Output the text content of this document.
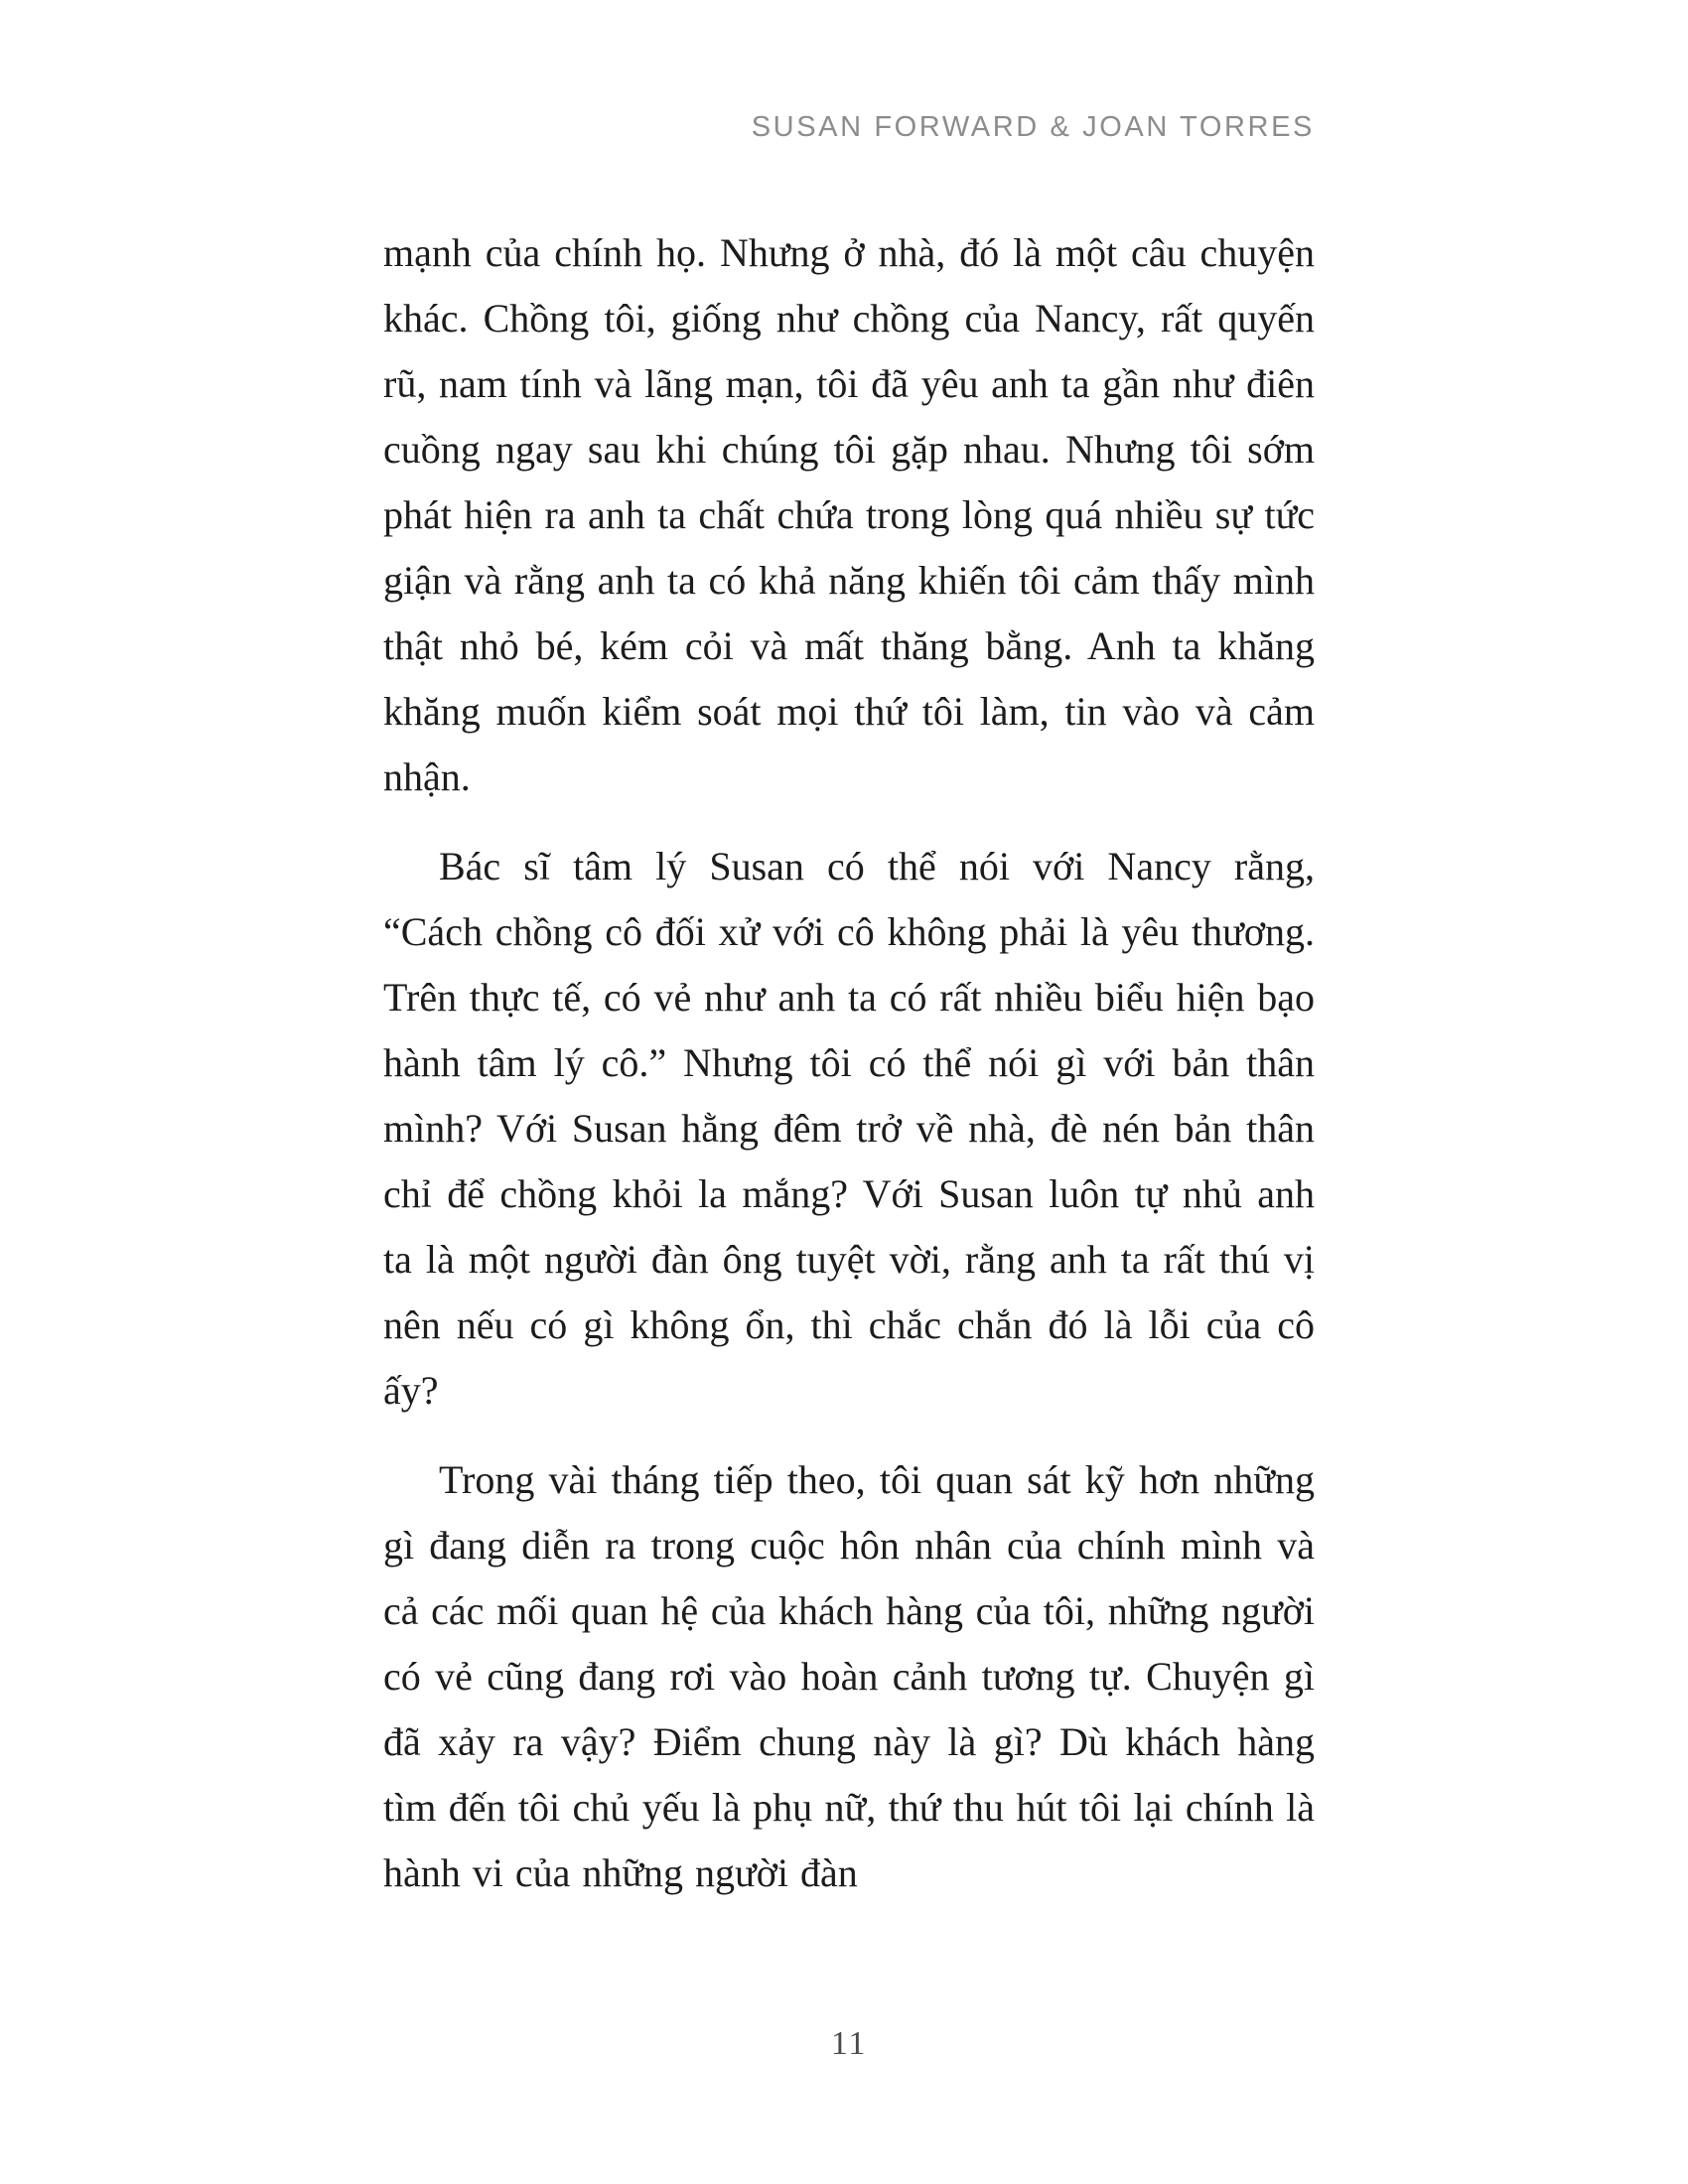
SUSAN FORWARD & JOAN TORRES

mạnh của chính họ. Nhưng ở nhà, đó là một câu chuyện khác. Chồng tôi, giống như chồng của Nancy, rất quyến rũ, nam tính và lãng mạn, tôi đã yêu anh ta gần như điên cuồng ngay sau khi chúng tôi gặp nhau. Nhưng tôi sớm phát hiện ra anh ta chất chứa trong lòng quá nhiều sự tức giận và rằng anh ta có khả năng khiến tôi cảm thấy mình thật nhỏ bé, kém cỏi và mất thăng bằng. Anh ta khăng khăng muốn kiểm soát mọi thứ tôi làm, tin vào và cảm nhận.

Bác sĩ tâm lý Susan có thể nói với Nancy rằng, “Cách chồng cô đối xử với cô không phải là yêu thương. Trên thực tế, có vẻ như anh ta có rất nhiều biểu hiện bạo hành tâm lý cô.” Nhưng tôi có thể nói gì với bản thân mình? Với Susan hằng đêm trở về nhà, đè nén bản thân chỉ để chồng khỏi la mắng? Với Susan luôn tự nhủ anh ta là một người đàn ông tuyệt vời, rằng anh ta rất thú vị nên nếu có gì không ổn, thì chắc chắn đó là lỗi của cô ấy?

Trong vài tháng tiếp theo, tôi quan sát kỹ hơn những gì đang diễn ra trong cuộc hôn nhân của chính mình và cả các mối quan hệ của khách hàng của tôi, những người có vẻ cũng đang rơi vào hoàn cảnh tương tự. Chuyện gì đã xảy ra vậy? Điểm chung này là gì? Dù khách hàng tìm đến tôi chủ yếu là phụ nữ, thứ thu hút tôi lại chính là hành vi của những người đàn

11
